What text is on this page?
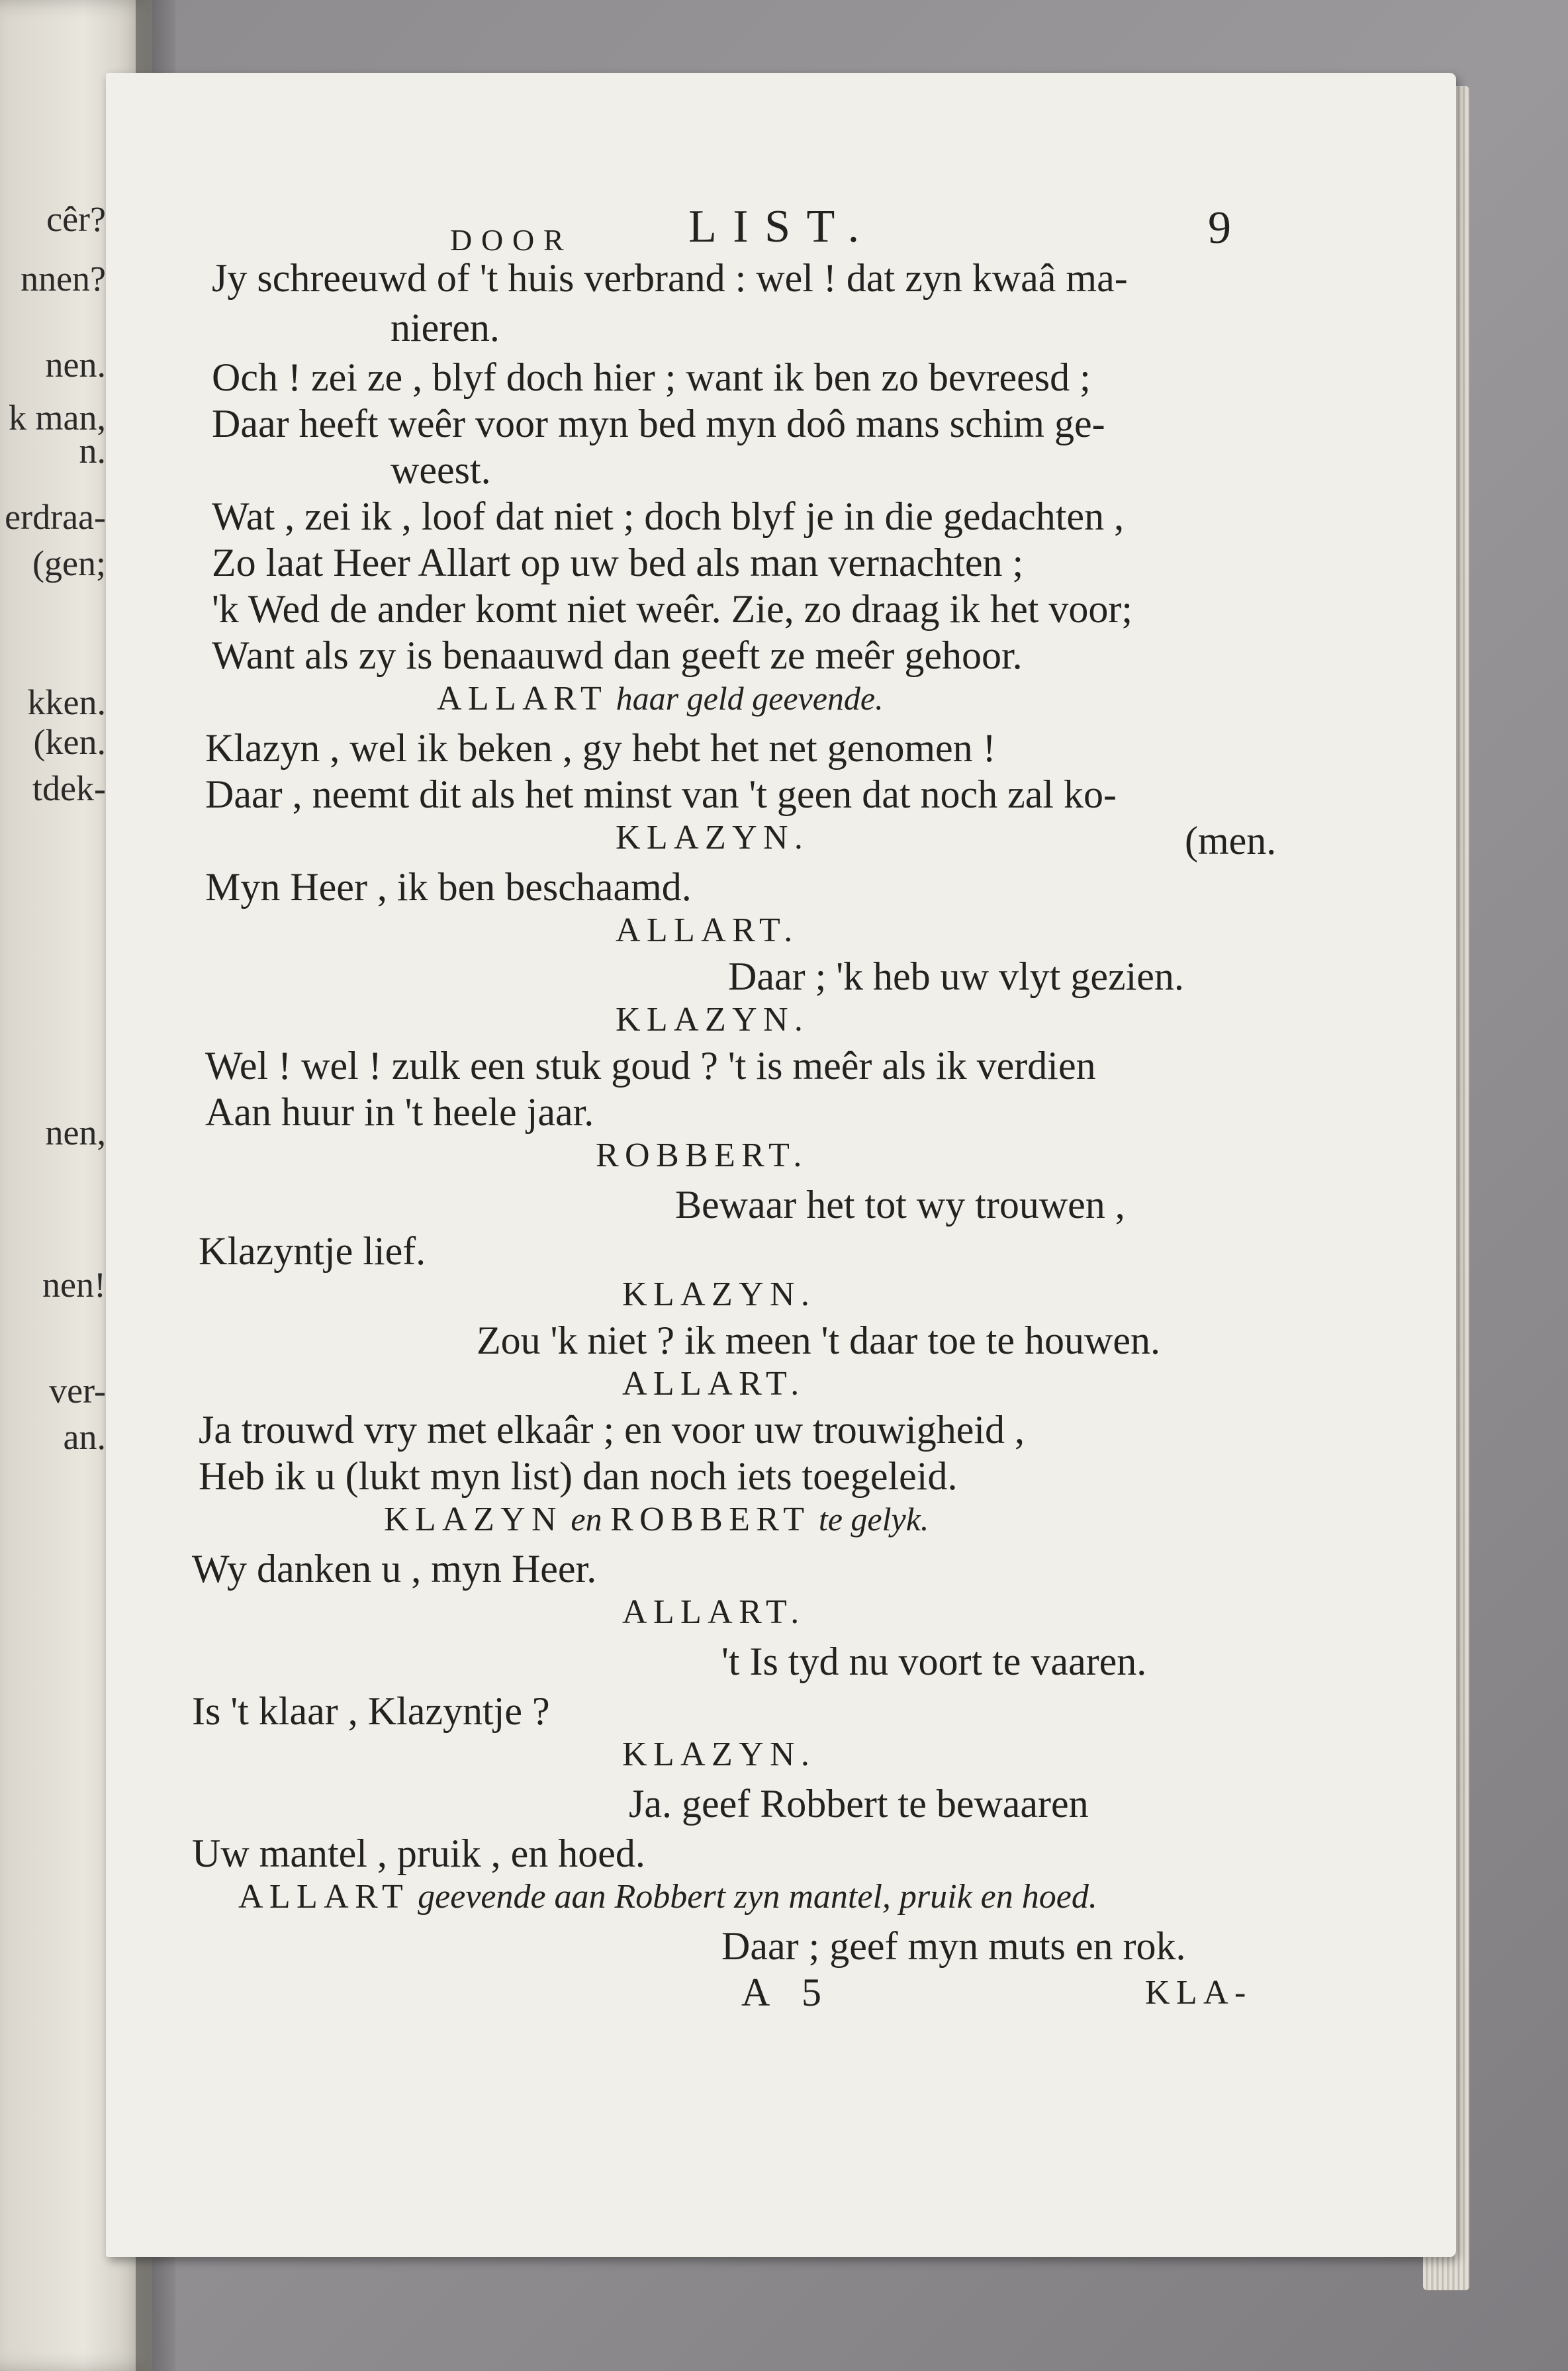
cêr?
nnen?
nen.
k man,
n.
erdraa-
(gen;
kken.
(ken.
tdek-
nen,
nen!
ver-
an.
DOOR LIST.	9
Jy schreeuwd of 't huis verbrand : wel ! dat zyn kwaâ ma-
nieren.
Och ! zei ze , blyf doch hier ; want ik ben zo bevreesd ;
Daar heeft weêr voor myn bed myn doô mans schim ge-
weest.
Wat , zei ik , loof dat niet ; doch blyf je in die gedachten ,
Zo laat Heer Allart op uw bed als man vernachten ;
'k Wed de ander komt niet weêr. Zie, zo draag ik het voor;
Want als zy is benaauwd dan geeft ze meêr gehoor.
ALLART haar geld geevende.
Klazyn , wel ik beken , gy hebt het net genomen !
Daar , neemt dit als het minst van 't geen dat noch zal ko-
KLAZYN.	(men.
Myn Heer , ik ben beschaamd.
ALLART.
Daar ; 'k heb uw vlyt gezien.
KLAZYN.
Wel ! wel ! zulk een stuk goud ? 't is meêr als ik verdien
Aan huur in 't heele jaar.
ROBBERT.
Bewaar het tot wy trouwen ,
Klazyntje lief.
KLAZYN.
Zou 'k niet ? ik meen 't daar toe te houwen.
ALLART.
Ja trouwd vry met elkaâr ; en voor uw trouwigheid ,
Heb ik u (lukt myn list) dan noch iets toegeleid.
KLAZYN en ROBBERT te gelyk.
Wy danken u , myn Heer.
ALLART.
't Is tyd nu voort te vaaren.
Is 't klaar , Klazyntje ?
KLAZYN.
Ja. geef Robbert te bewaaren
Uw mantel , pruik , en hoed.
ALLART geevende aan Robbert zyn mantel, pruik en hoed.
Daar ; geef myn muts en rok.
A 5	KLA-
